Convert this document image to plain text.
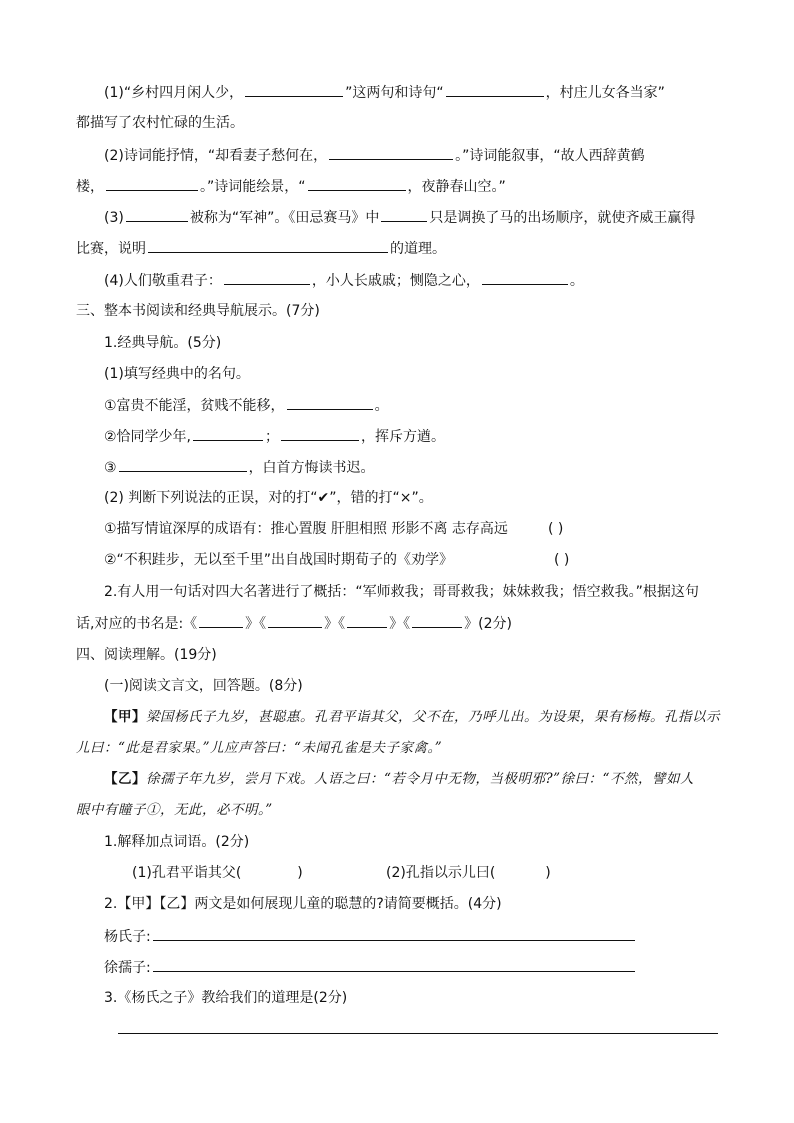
(1)“乡村四月闲人少，	”这两句和诗句“	，村庄儿女各当家”
都描写了农村忙碌的生活。
(2)诗词能抒情，“却看妻子愁何在，	。”诗词能叙事，“故人西辞黄鹤
楼，	。”诗词能绘景，“	，夜静春山空。”
(3)	被称为“军神”。《田忌赛马》中	只是调换了马的出场顺序，就使齐威王赢得
比赛，说明	的道理。
(4)人们敬重君子：	，小人长戚戚；恻隐之心，	。
三、整本书阅读和经典导航展示。(7分)
1.经典导航。(5分)
(1)填写经典中的名句。
①富贵不能淫，贫贱不能移，	。
②恰同学少年,	；	，挥斥方遒。
③	，白首方悔读书迟。
(2) 判断下列说法的正误，对的打“✔”，错的打“×”。
①描写情谊深厚的成语有：推心置腹 肝胆相照 形影不离 志存高远	( )
②“不积跬步，无以至千里”出自战国时期荀子的《劝学》	( )
2.有人用一句话对四大名著进行了概括：“军师救我；哥哥救我；妹妹救我；悟空救我。”根据这句
话,对应的书名是:《	》《	》《	》《	》(2分)
四、阅读理解。(19分)
(一)阅读文言文，回答题。(8分)
【甲】梁国杨氏子九岁，甚聪惠。孔君平诣其父，父不在，乃呼儿出。为设果，果有杨梅。孔指以示
儿曰：“此是君家果。”儿应声答曰：“未闻孔雀是夫子家禽。”
【乙】徐孺子年九岁，尝月下戏。人语之曰：“若令月中无物，当极明邪?”徐曰：“不然，譬如人
眼中有瞳子①，无此，必不明。”
1.解释加点词语。(2分)
(1)孔君平诣其父(	)	(2)孔指以示儿曰(	)
2.【甲】【乙】两文是如何展现儿童的聪慧的?请简要概括。(4分)
杨氏子:
徐孺子:
3.《杨氏之子》教给我们的道理是(2分)
